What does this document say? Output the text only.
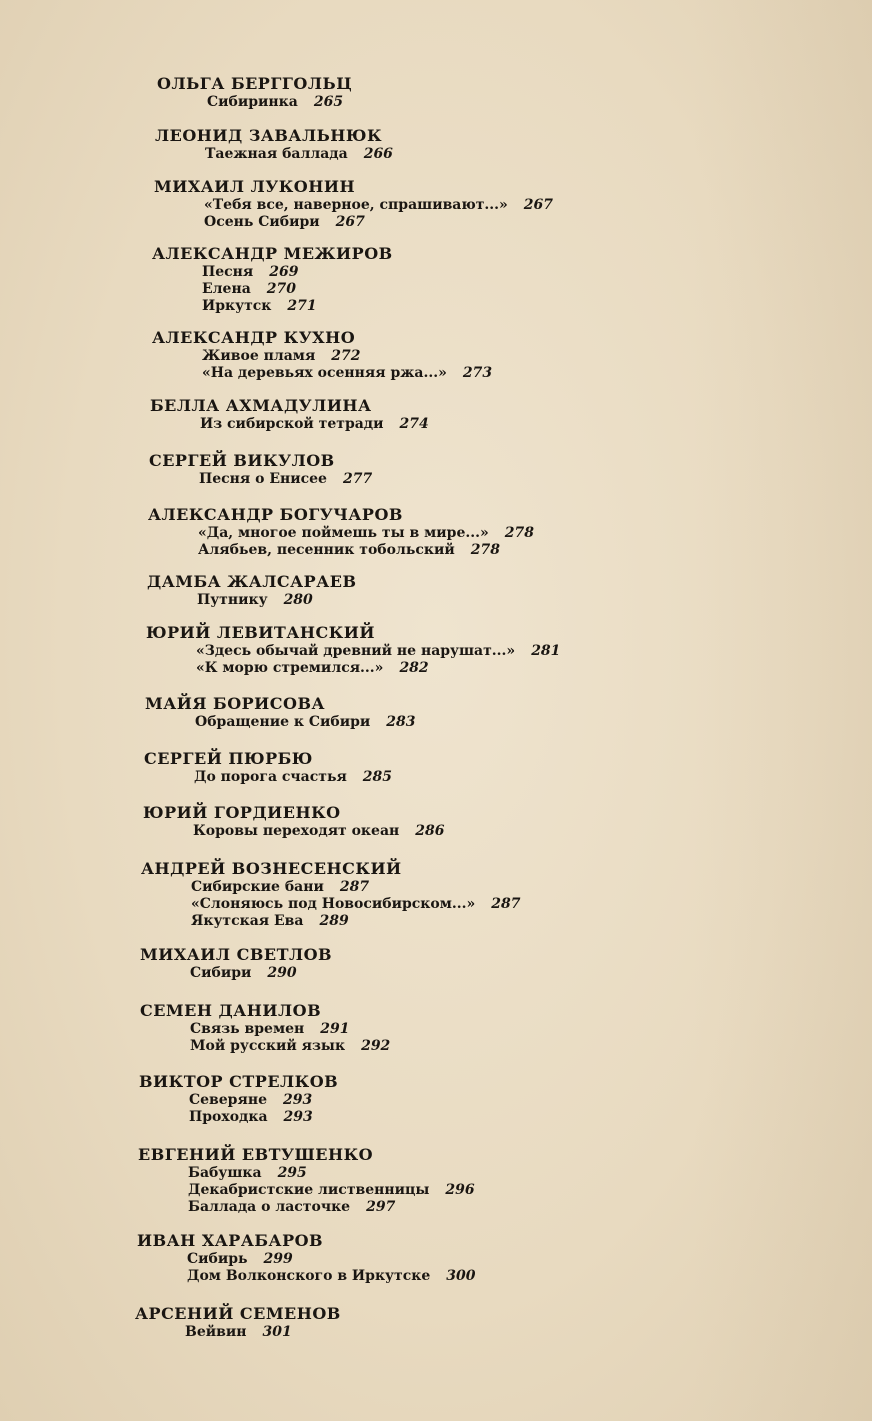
ОЛЬГА БЕРГГОЛЬЦ
Сибиринка 265
ЛЕОНИД ЗАВАЛЬНЮК
Таежная баллада 266
МИХАИЛ ЛУКОНИН
«Тебя все, наверное, спрашивают...» 267
Осень Сибири 267
АЛЕКСАНДР МЕЖИРОВ
Песня 269
Елена 270
Иркутск 271
АЛЕКСАНДР КУХНО
Живое пламя 272
«На деревьях осенняя ржа...» 273
БЕЛЛА АХМАДУЛИНА
Из сибирской тетради 274
СЕРГЕЙ ВИКУЛОВ
Песня о Енисее 277
АЛЕКСАНДР БОГУЧАРОВ
«Да, многое поймешь ты в мире...» 278
Алябьев, песенник тобольский 278
ДАМБА ЖАЛСАРАЕВ
Путнику 280
ЮРИЙ ЛЕВИТАНСКИЙ
«Здесь обычай древний не нарушат...» 281
«К морю стремился...» 282
МАЙЯ БОРИСОВА
Обращение к Сибири 283
СЕРГЕЙ ПЮРБЮ
До порога счастья 285
ЮРИЙ ГОРДИЕНКО
Коровы переходят океан 286
АНДРЕЙ ВОЗНЕСЕНСКИЙ
Сибирские бани 287
«Слоняюсь под Новосибирском...» 287
Якутская Ева 289
МИХАИЛ СВЕТЛОВ
Сибири 290
СЕМЕН ДАНИЛОВ
Связь времен 291
Мой русский язык 292
ВИКТОР СТРЕЛКОВ
Северяне 293
Проходка 293
ЕВГЕНИЙ ЕВТУШЕНКО
Бабушка 295
Декабристские лиственницы 296
Баллада о ласточке 297
ИВАН ХАРАБАРОВ
Сибирь 299
Дом Волконского в Иркутске 300
АРСЕНИЙ СЕМЕНОВ
Вейвин 301
